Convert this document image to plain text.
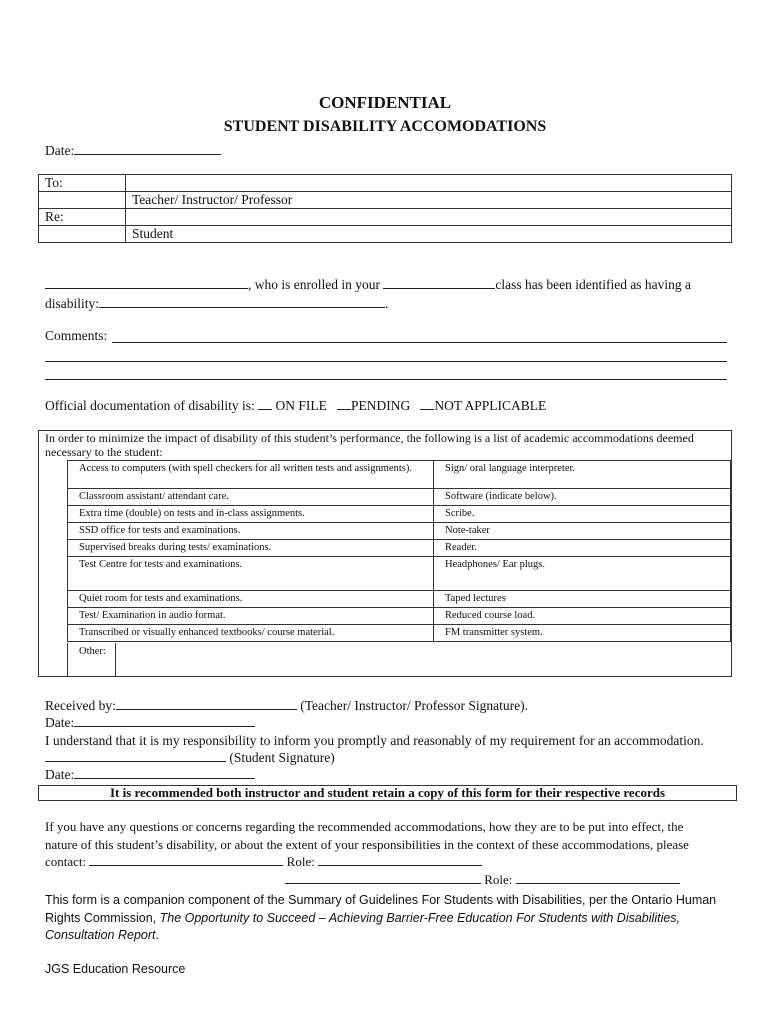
CONFIDENTIAL
STUDENT DISABILITY ACCOMODATIONS
Date:
To:	
	Teacher/ Instructor/ Professor
Re:	
	Student
, who is enrolled in your	class has been identified as having a
disability:	.
Comments:
Official documentation of disability is: ON FILE PENDING NOT APPLICABLE
In order to minimize the impact of disability of this student’s performance, the following is a list of academic accommodations deemed necessary to the student:
Access to computers (with spell checkers for all written tests and assignments).	Sign/ oral language interpreter.
Classroom assistant/ attendant care.	Software (indicate below).
Extra time (double) on tests and in-class assignments.	Scribe.
SSD office for tests and examinations.	Note-taker
Supervised breaks during tests/ examinations.	Reader.
Test Centre for tests and examinations.	Headphones/ Ear plugs.
Quiet room for tests and examinations.	Taped lectures
Test/ Examination in audio format.	Reduced course load.
Transcribed or visually enhanced textbooks/ course material.	FM transmitter system.
Other:
Received by:	(Teacher/ Instructor/ Professor Signature).
Date:
I understand that it is my responsibility to inform you promptly and reasonably of my requirement for an accommodation.
(Student Signature)
Date:
It is recommended both instructor and student retain a copy of this form for their respective records
If you have any questions or concerns regarding the recommended accommodations, how they are to be put into effect, the
nature of this student’s disability, or about the extent of your responsibilities in the context of these accommodations, please
contact:	Role:
Role:
This form is a companion component of the Summary of Guidelines For Students with Disabilities, per the Ontario Human
Rights Commission, The Opportunity to Succeed – Achieving Barrier-Free Education For Students with Disabilities,
Consultation Report.
JGS Education Resource
